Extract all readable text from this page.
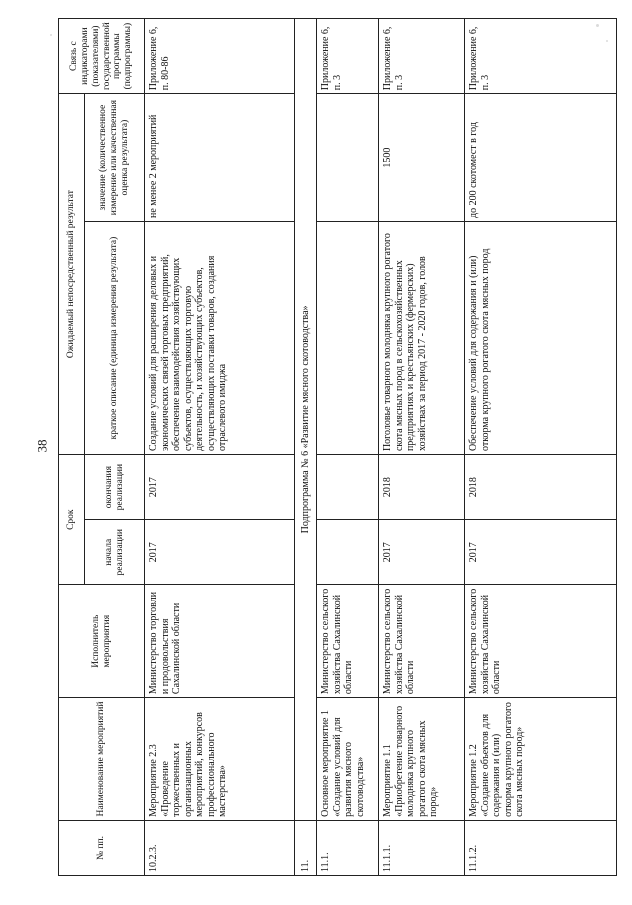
38
№ пп.	Наименование мероприятий	Исполнитель мероприятия	Срок		Ожидаемый непосредственный результат		Связь с индикаторами (показателями) государственной программы (подпрограммы)
			начала реализации	окончания реализации	краткое описание (единица измерения результата)	значение (количественное измерение или качественная оценка результата)	
10.2.3.	Мероприятие 2.3 «Проведение торжественных и организационных мероприятий, конкурсов профессионального мастерства»	Министерство торговли и продовольствия Сахалинской области	2017	2017	Создание условий для расширения деловых и экономических связей торговых предприятий, обеспечение взаимодействия хозяйствующих субъектов, осуществляющих торговую деятельность, и хозяйствующих субъектов, осуществляющих поставки товаров, создания отраслевого имиджа	не менее 2 мероприятий	Приложение 6, п. 80-86
11.	Подпрограмма № 6 «Развитие мясного скотоводства»						
11.1.	Основное мероприятие 1 «Создание условий для развития мясного скотоводства»	Министерство сельского хозяйства Сахалинской области					Приложение 6, п. 3
11.1.1.	Мероприятие 1.1 «Приобретение товарного молодняка крупного рогатого скота мясных пород»	Министерство сельского хозяйства Сахалинской области	2017	2018	Поголовье товарного молодняка крупного рогатого скота мясных пород в сельскохозяйственных предприятиях и крестьянских (фермерских) хозяйствах за период 2017 - 2020 годов, голов	1500	Приложение 6, п. 3
11.1.2.	Мероприятие 1.2 «Создание объектов для содержания и (или) откорма крупного рогатого скота мясных пород»	Министерство сельского хозяйства Сахалинской области	2017	2018	Обеспечение условий для содержания и (или) откорма крупного рогатого скота мясных пород	до 200 скотомест в год	Приложение 6, п. 3
